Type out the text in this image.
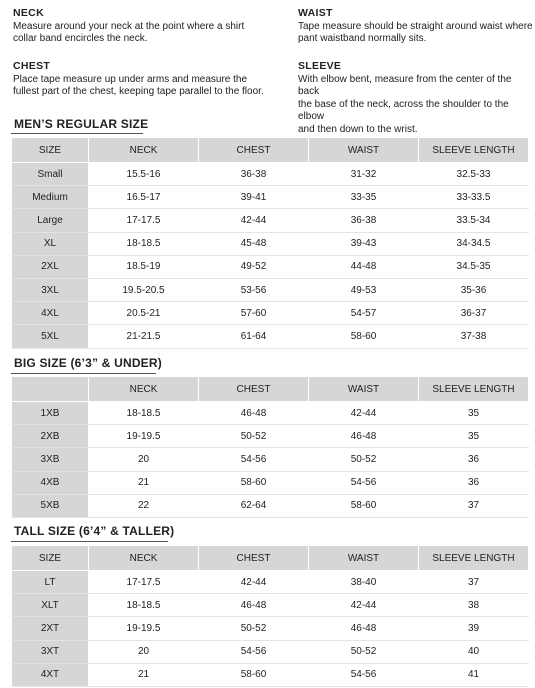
NECK
Measure around your neck at the point where a shirt
collar band encircles the neck.
WAIST
Tape measure should be straight around waist where
pant waistband normally sits.
CHEST
Place tape measure up under arms and measure the
fullest part of the chest, keeping tape parallel to the floor.
SLEEVE
With elbow bent, measure from the center of the back
the base of the neck, across the shoulder to the elbow
and then down to the wrist.
MEN’S REGULAR SIZE
SIZE	NECK	CHEST	WAIST	SLEEVE LENGTH
Small	15.5-16	36-38	31-32	32.5-33
Medium	16.5-17	39-41	33-35	33-33.5
Large	17-17.5	42-44	36-38	33.5-34
XL	18-18.5	45-48	39-43	34-34.5
2XL	18.5-19	49-52	44-48	34.5-35
3XL	19.5-20.5	53-56	49-53	35-36
4XL	20.5-21	57-60	54-57	36-37
5XL	21-21.5	61-64	58-60	37-38
BIG SIZE (6’3” & UNDER)
	NECK	CHEST	WAIST	SLEEVE LENGTH
1XB	18-18.5	46-48	42-44	35
2XB	19-19.5	50-52	46-48	35
3XB	20	54-56	50-52	36
4XB	21	58-60	54-56	36
5XB	22	62-64	58-60	37
TALL SIZE (6’4” & TALLER)
SIZE	NECK	CHEST	WAIST	SLEEVE LENGTH
LT	17-17.5	42-44	38-40	37
XLT	18-18.5	46-48	42-44	38
2XT	19-19.5	50-52	46-48	39
3XT	20	54-56	50-52	40
4XT	21	58-60	54-56	41
